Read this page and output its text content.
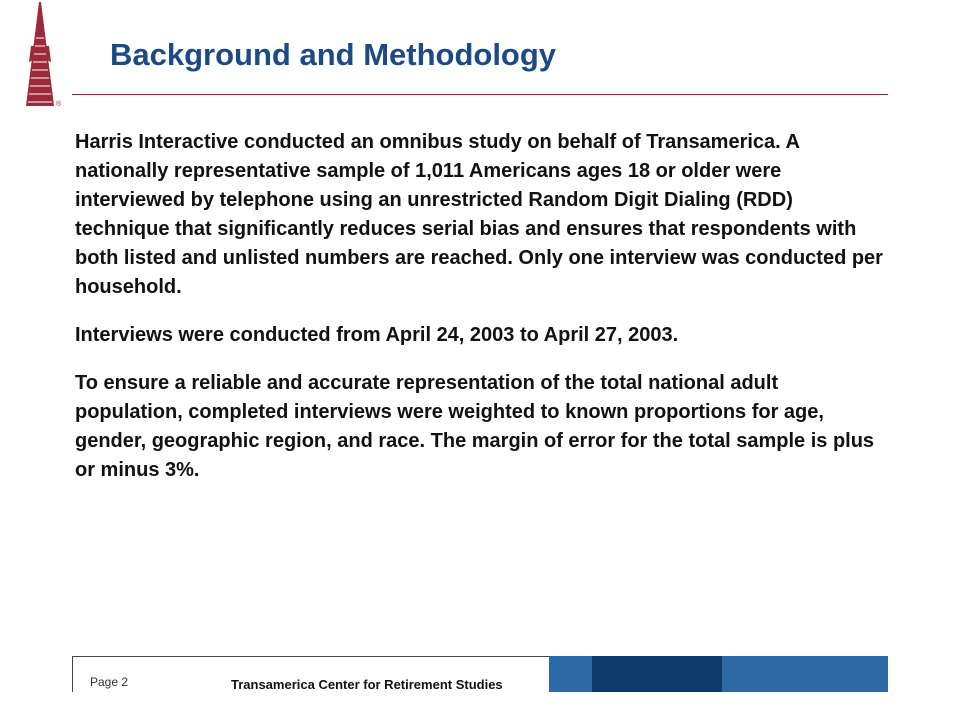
®
Background and Methodology

Harris Interactive conducted an omnibus study on behalf of Transamerica. A nationally representative sample of 1,011 Americans ages 18 or older were interviewed by telephone using an unrestricted Random Digit Dialing (RDD) technique that significantly reduces serial bias and ensures that respondents with both listed and unlisted numbers are reached. Only one interview was conducted per household.

Interviews were conducted from April 24, 2003 to April 27, 2003.

To ensure a reliable and accurate representation of the total national adult population, completed interviews were weighted to known proportions for age, gender, geographic region, and race. The margin of error for the total sample is plus or minus 3%.

Page 2	Transamerica Center for Retirement Studies
